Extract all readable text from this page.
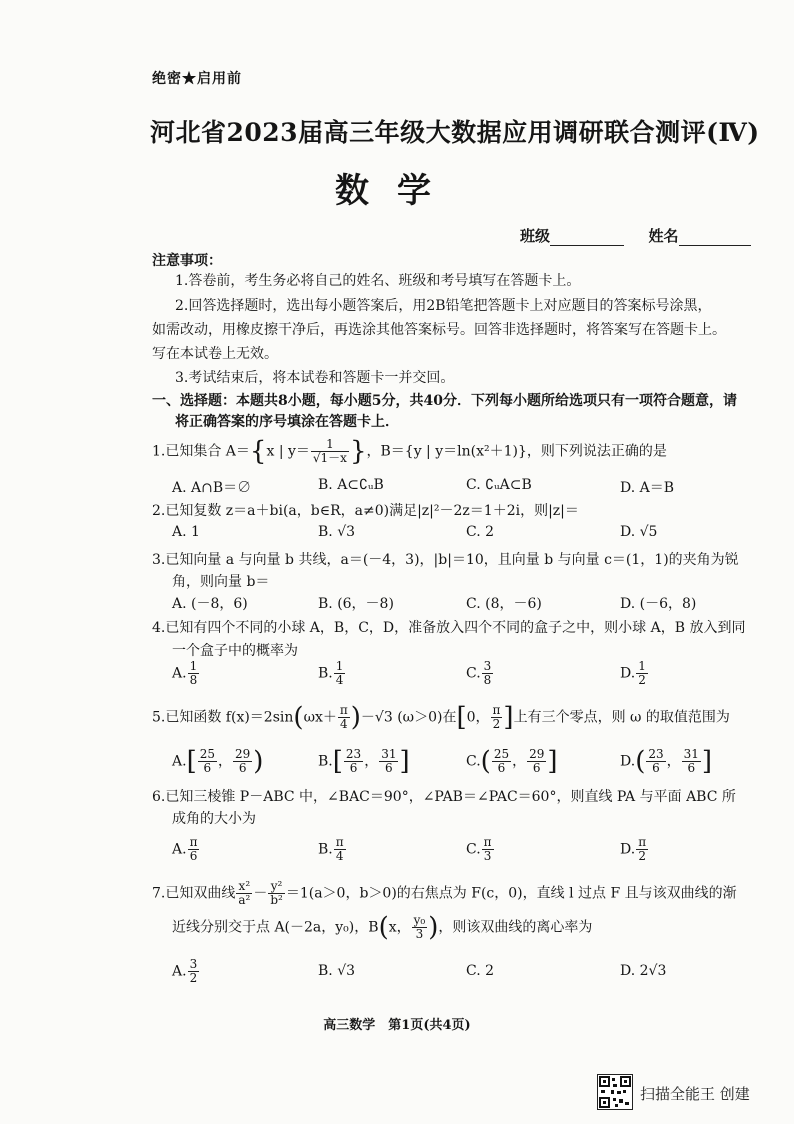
绝密★启用前
河北省2023届高三年级大数据应用调研联合测评(Ⅳ)
数学
班级	姓名
注意事项：
1.答卷前，考生务必将自己的姓名、班级和考号填写在答题卡上。
2.回答选择题时，选出每小题答案后，用2B铅笔把答题卡上对应题目的答案标号涂黑，
如需改动，用橡皮擦干净后，再选涂其他答案标号。回答非选择题时，将答案写在答题卡上。
写在本试卷上无效。
3.考试结束后，将本试卷和答题卡一并交回。
一、选择题：本题共8小题，每小题5分，共40分．下列每小题所给选项只有一项符合题意，请
将正确答案的序号填涂在答题卡上．
1.已知集合 A＝{x | $y= \frac{1}{√1-x}$ }，B＝{y | y＝ln(x²＋1)}，则下列说法正确的是
A. A∩B＝∅	B. A⊂∁ᵤB	C. ∁ᵤA⊂B	D. A＝B
2.已知复数 z＝a＋bi(a，b∈R，a≠0)满足|z|²－2z＝1＋2i，则|z|＝
A. 1	B. √3	C. 2	D. √5
3.已知向量 a 与向量 b 共线，a＝(－4，3)，|b|＝10，且向量 b 与向量 c＝(1，1)的夹角为锐
角，则向量 b＝
A. (－8，6)	B. (6，－8)	C. (8，－6)	D. (－6，8)
4.已知有四个不同的小球 A，B，C，D，准备放入四个不同的盒子之中，则小球 A，B 放入到同
一个盒子中的概率为
A. $\frac{1}{8}$	B. $\frac{1}{4}$	C. $\frac{3}{8}$	D. $\frac{1}{2}$
5.已知函数 $f(x)=2\sin(\omega x+ \frac{\pi}{4} )-√3$ (ω＞0)在[0， $\frac{\pi}{2}$ ]上有三个零点，则 ω 的取值范围为
$A.[ \frac{25}{6}$ ， $\frac{29}{6}$ )	$B.[ \frac{23}{6}$ ， $\frac{31}{6}$ ]	$C.( \frac{25}{6}$ ， $\frac{29}{6}$ ]	$D.( \frac{23}{6}$ ， $\frac{31}{6}$ ]
6.已知三棱锥 P－ABC 中，∠BAC＝90°，∠PAB＝∠PAC＝60°，则直线 PA 与平面 ABC 所
成角的大小为
A. $\frac{\pi}{6}$	B. $\frac{\pi}{4}$	C. $\frac{\pi}{3}$	D. $\frac{\pi}{2}$
7.已知双曲线 $\frac{\text{x²}}{\text{a²}} - \frac{\text{y²}}{\text{b²}} =1(a>0$，b＞0)的右焦点为 F(c，0)，直线 l 过点 F 且与该双曲线的渐
近线分别交于点 A(－2a，y₀)，B(x， $\frac{\text{y₀}}{3}$ )，则该双曲线的离心率为
A. $\frac{3}{2}$	B. √3	C. 2	D. 2√3
高三数学　第1页(共4页)
扫描全能王 创建
